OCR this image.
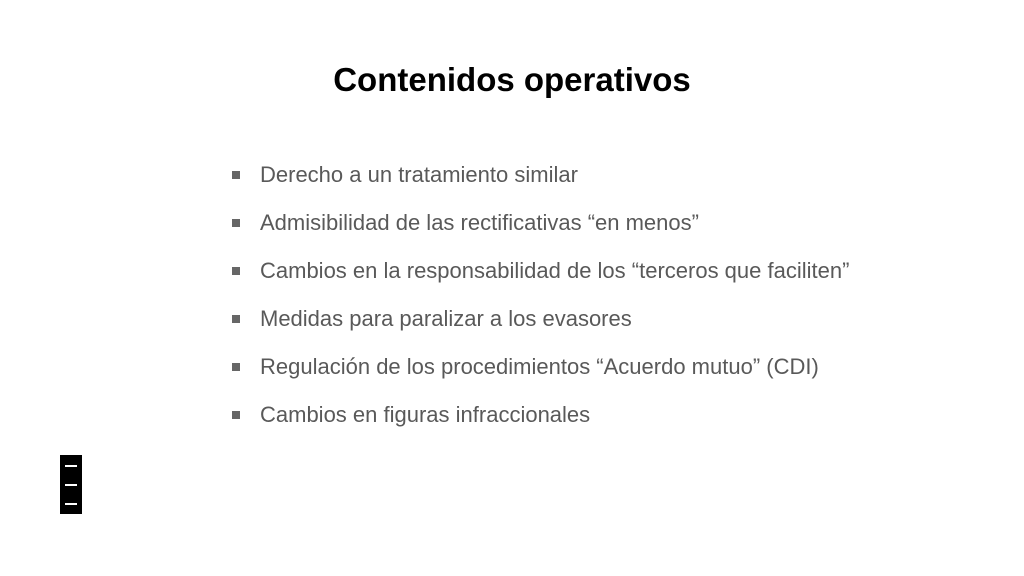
Contenidos operativos
Derecho a un tratamiento similar
Admisibilidad de las rectificativas “en menos”
Cambios en la responsabilidad de los “terceros que faciliten”
Medidas para paralizar a los evasores
Regulación de los procedimientos “Acuerdo mutuo” (CDI)
Cambios en figuras infraccionales
